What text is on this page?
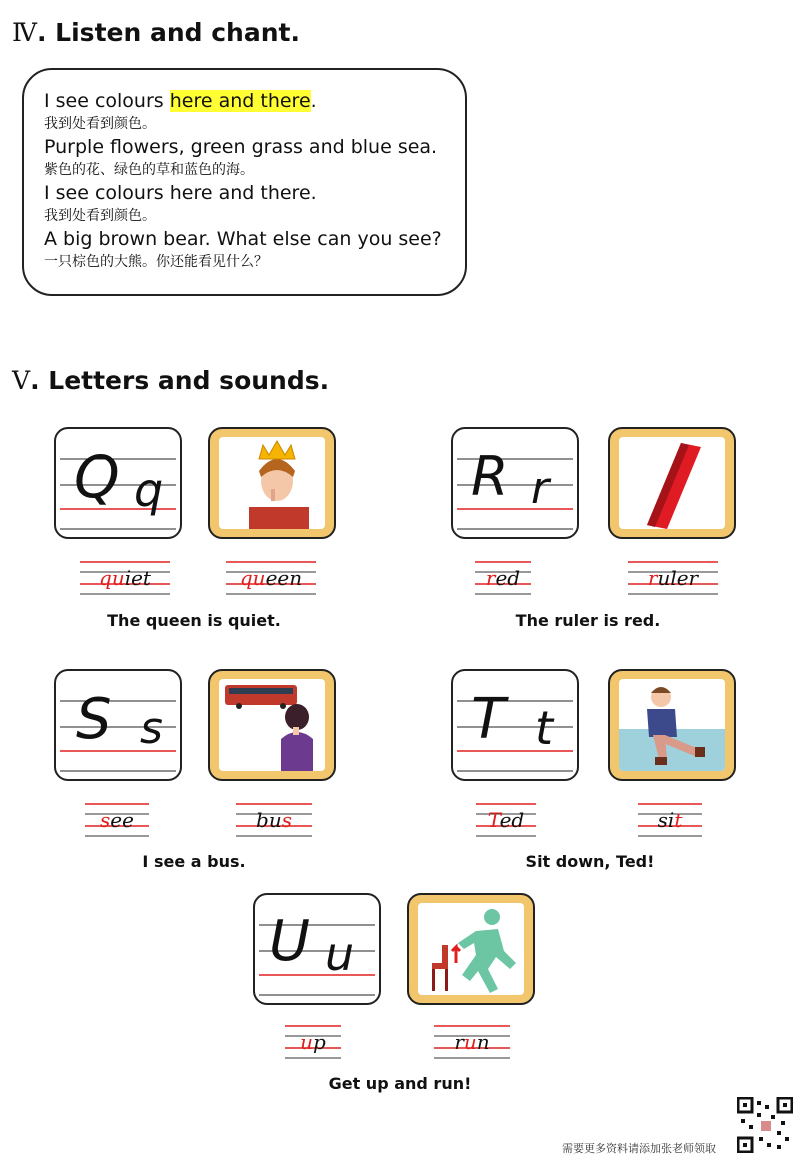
Ⅳ. Listen and chant.
I see colours here and there.
我到处看到颜色。
Purple flowers, green grass and blue sea.
紫色的花、绿色的草和蓝色的海。
I see colours here and there.
我到处看到颜色。
A big brown bear. What else can you see?
一只棕色的大熊。你还能看见什么？
Ⅴ. Letters and sounds.
Q q
quiet	queen
The queen is quiet.
R r
red	ruler
The ruler is red.
S s
see	bus
I see a bus.
T t
Ted	sit
Sit down, Ted!
U u
up	run
Get up and run!
需要更多资料请添加张老师领取
